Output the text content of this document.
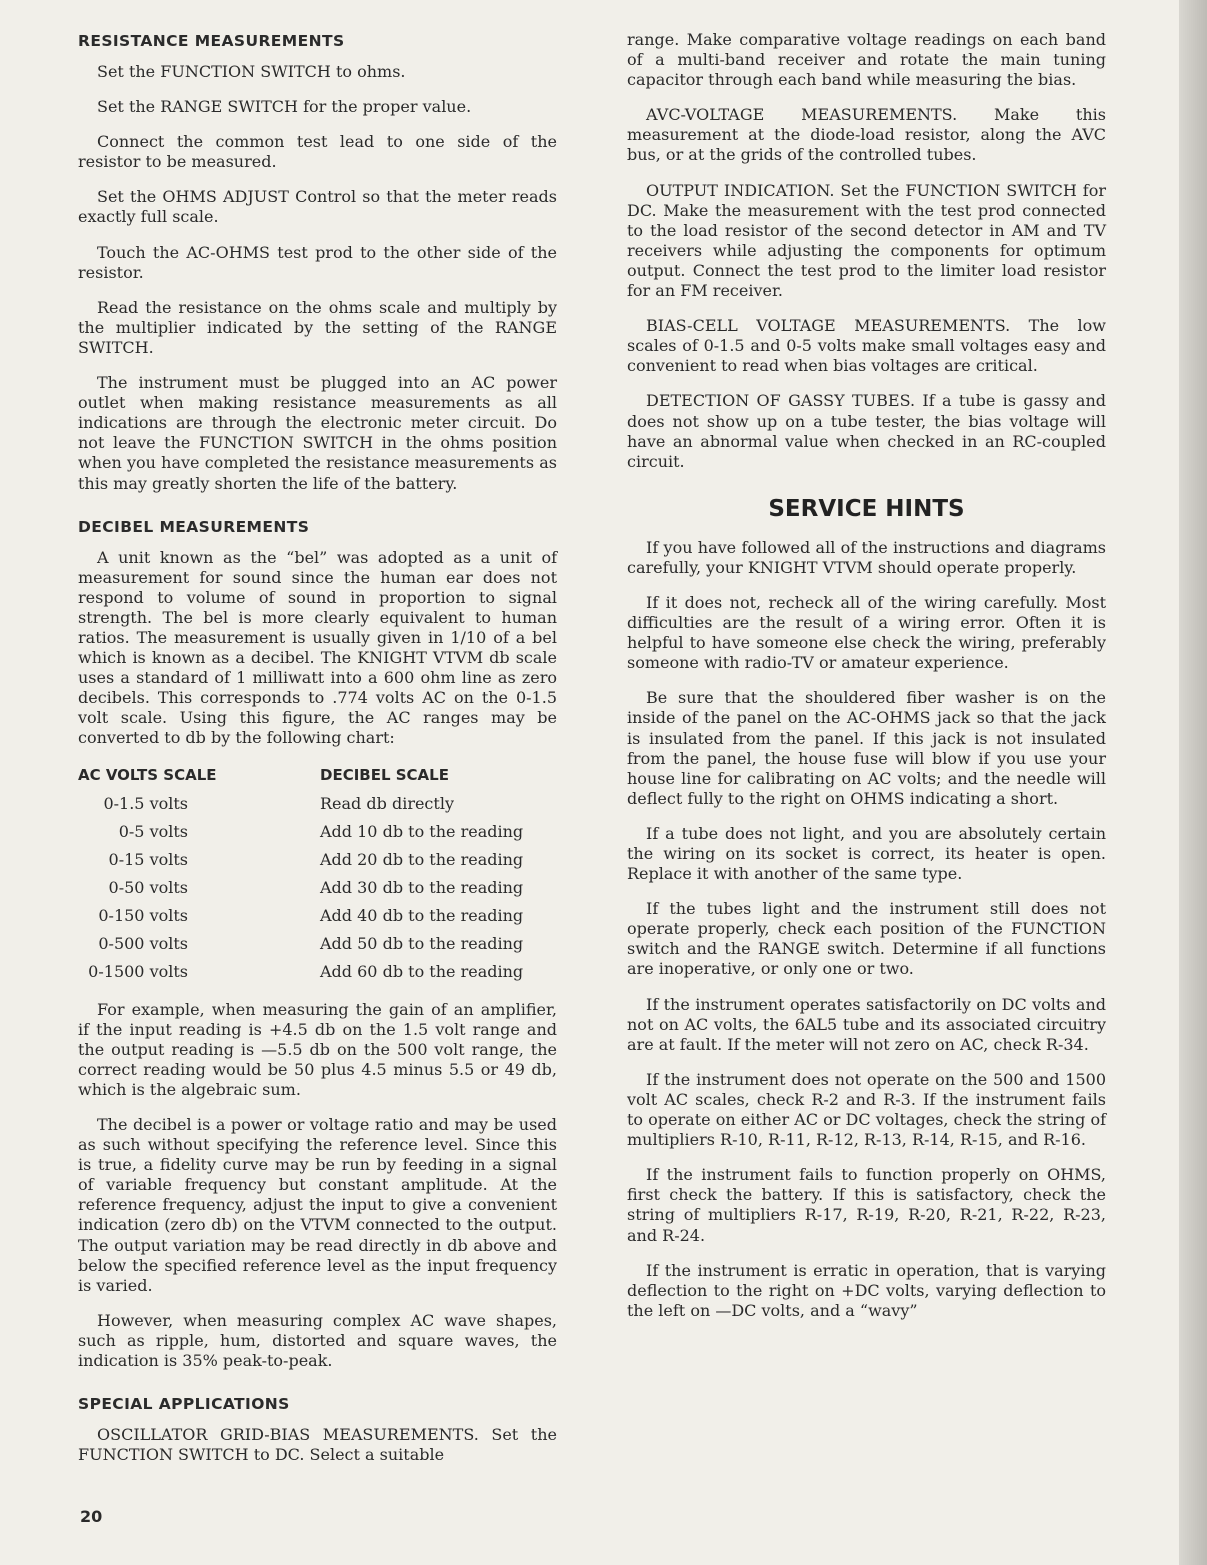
RESISTANCE MEASUREMENTS

Set the FUNCTION SWITCH to ohms.

Set the RANGE SWITCH for the proper value.

Connect the common test lead to one side of the resistor to be measured.

Set the OHMS ADJUST Control so that the meter reads exactly full scale.

Touch the AC-OHMS test prod to the other side of the resistor.

Read the resistance on the ohms scale and multiply by the multiplier indicated by the setting of the RANGE SWITCH.

The instrument must be plugged into an AC power outlet when making resistance measurements as all indications are through the electronic meter circuit. Do not leave the FUNCTION SWITCH in the ohms position when you have completed the resistance measurements as this may greatly shorten the life of the battery.

DECIBEL MEASUREMENTS

A unit known as the “bel” was adopted as a unit of measurement for sound since the human ear does not respond to volume of sound in proportion to signal strength. The bel is more clearly equivalent to human ratios. The measurement is usually given in 1/10 of a bel which is known as a decibel. The KNIGHT VTVM db scale uses a standard of 1 milliwatt into a 600 ohm line as zero decibels. This corresponds to .774 volts AC on the 0-1.5 volt scale. Using this figure, the AC ranges may be converted to db by the following chart:

AC VOLTS SCALE	DECIBEL SCALE
0-1.5 volts	Read db directly
0-5 volts	Add 10 db to the reading
0-15 volts	Add 20 db to the reading
0-50 volts	Add 30 db to the reading
0-150 volts	Add 40 db to the reading
0-500 volts	Add 50 db to the reading
0-1500 volts	Add 60 db to the reading

For example, when measuring the gain of an amplifier, if the input reading is +4.5 db on the 1.5 volt range and the output reading is —5.5 db on the 500 volt range, the correct reading would be 50 plus 4.5 minus 5.5 or 49 db, which is the algebraic sum.

The decibel is a power or voltage ratio and may be used as such without specifying the reference level. Since this is true, a fidelity curve may be run by feeding in a signal of variable frequency but constant amplitude. At the reference frequency, adjust the input to give a convenient indication (zero db) on the VTVM connected to the output. The output variation may be read directly in db above and below the specified reference level as the input frequency is varied.

However, when measuring complex AC wave shapes, such as ripple, hum, distorted and square waves, the indication is 35% peak-to-peak.

SPECIAL APPLICATIONS

OSCILLATOR GRID-BIAS MEASUREMENTS. Set the FUNCTION SWITCH to DC. Select a suitable

range. Make comparative voltage readings on each band of a multi-band receiver and rotate the main tuning capacitor through each band while measuring the bias.

AVC-VOLTAGE MEASUREMENTS. Make this measurement at the diode-load resistor, along the AVC bus, or at the grids of the controlled tubes.

OUTPUT INDICATION. Set the FUNCTION SWITCH for DC. Make the measurement with the test prod connected to the load resistor of the second detector in AM and TV receivers while adjusting the components for optimum output. Connect the test prod to the limiter load resistor for an FM receiver.

BIAS-CELL VOLTAGE MEASUREMENTS. The low scales of 0-1.5 and 0-5 volts make small voltages easy and convenient to read when bias voltages are critical.

DETECTION OF GASSY TUBES. If a tube is gassy and does not show up on a tube tester, the bias voltage will have an abnormal value when checked in an RC-coupled circuit.

SERVICE HINTS

If you have followed all of the instructions and diagrams carefully, your KNIGHT VTVM should operate properly.

If it does not, recheck all of the wiring carefully. Most difficulties are the result of a wiring error. Often it is helpful to have someone else check the wiring, preferably someone with radio-TV or amateur experience.

Be sure that the shouldered fiber washer is on the inside of the panel on the AC-OHMS jack so that the jack is insulated from the panel. If this jack is not insulated from the panel, the house fuse will blow if you use your house line for calibrating on AC volts; and the needle will deflect fully to the right on OHMS indicating a short.

If a tube does not light, and you are absolutely certain the wiring on its socket is correct, its heater is open. Replace it with another of the same type.

If the tubes light and the instrument still does not operate properly, check each position of the FUNCTION switch and the RANGE switch. Determine if all functions are inoperative, or only one or two.

If the instrument operates satisfactorily on DC volts and not on AC volts, the 6AL5 tube and its associated circuitry are at fault. If the meter will not zero on AC, check R-34.

If the instrument does not operate on the 500 and 1500 volt AC scales, check R-2 and R-3. If the instrument fails to operate on either AC or DC voltages, check the string of multipliers R-10, R-11, R-12, R-13, R-14, R-15, and R-16.

If the instrument fails to function properly on OHMS, first check the battery. If this is satisfactory, check the string of multipliers R-17, R-19, R-20, R-21, R-22, R-23, and R-24.

If the instrument is erratic in operation, that is varying deflection to the right on +DC volts, varying deflection to the left on —DC volts, and a “wavy”

20
